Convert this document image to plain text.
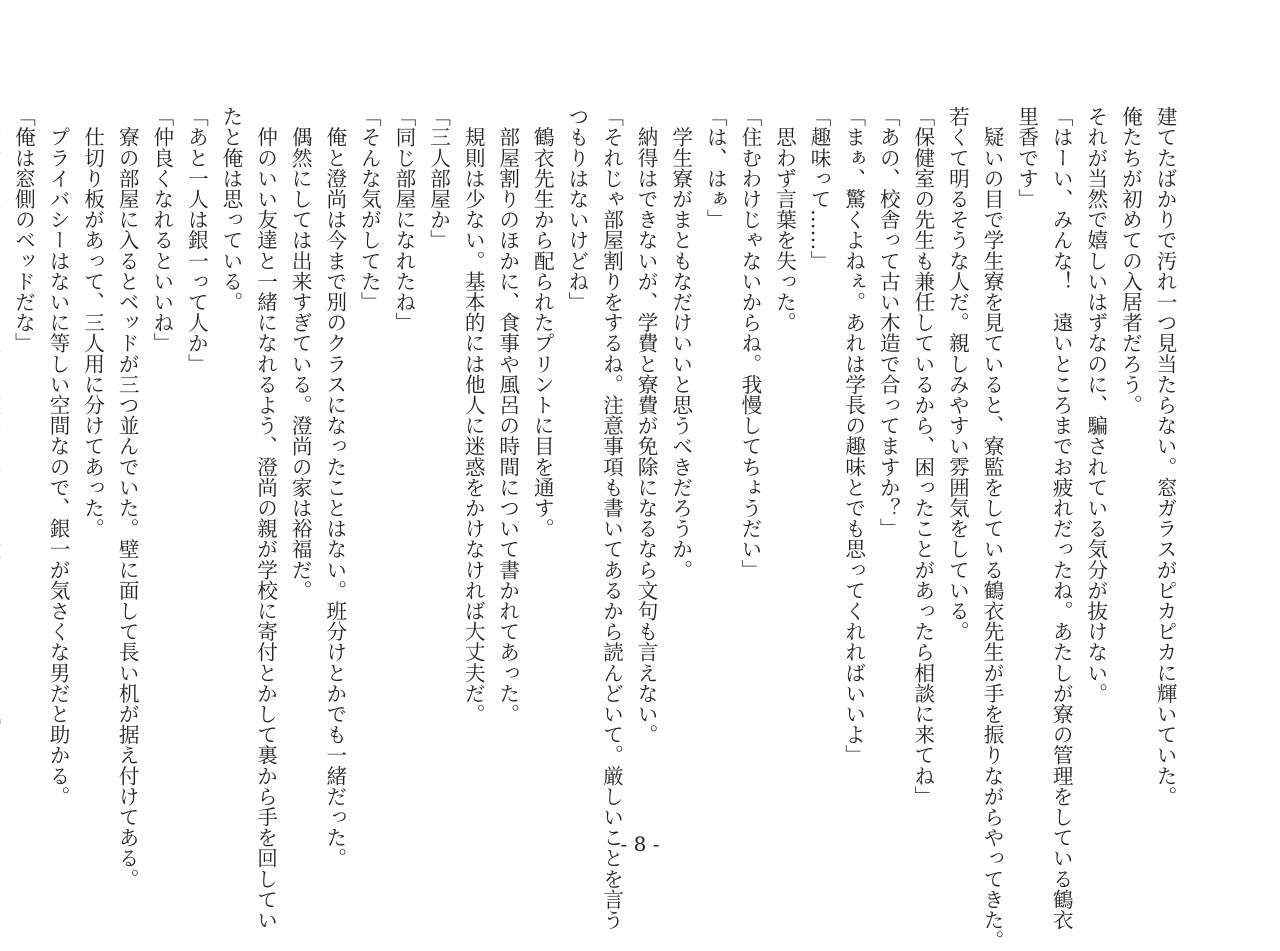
建てたばかりで汚れ一つ見当たらない。窓ガラスがピカピカに輝いていた。
俺たちが初めての入居者だろう。
それが当然で嬉しいはずなのに、騙されている気分が抜けない。
「はーい、みんな！　遠いところまでお疲れだったね。あたしが寮の管理をしている鶴衣
里香です」
　疑いの目で学生寮を見ていると、寮監をしている鶴衣先生が手を振りながらやってきた。
若くて明るそうな人だ。親しみやすい雰囲気をしている。
「保健室の先生も兼任しているから、困ったことがあったら相談に来てね」
「あの、校舎って古い木造で合ってますか？」
「まぁ、驚くよねぇ。あれは学長の趣味とでも思ってくれればいいよ」
「趣味って……」
　思わず言葉を失った。
「住むわけじゃないからね。我慢してちょうだい」
「は、はぁ」
　学生寮がまともなだけいいと思うべきだろうか。
　納得はできないが、学費と寮費が免除になるなら文句も言えない。
「それじゃ部屋割りをするね。注意事項も書いてあるから読んどいて。厳しいことを言う
つもりはないけどね」
　鶴衣先生から配られたプリントに目を通す。
　部屋割りのほかに、食事や風呂の時間について書かれてあった。
　規則は少ない。基本的には他人に迷惑をかけなければ大丈夫だ。
「三人部屋か」
「同じ部屋になれたね」
「そんな気がしてた」
　俺と澄尚は今まで別のクラスになったことはない。班分けとかでも一緒だった。
　偶然にしては出来すぎている。澄尚の家は裕福だ。
　仲のいい友達と一緒になれるよう、澄尚の親が学校に寄付とかして裏から手を回してい
たと俺は思っている。
「あと一人は銀一って人か」
「仲良くなれるといいね」
　寮の部屋に入るとベッドが三つ並んでいた。壁に面して長い机が据え付けてある。
　仕切り板があって、三人用に分けてあった。
　プライバシーはないに等しい空間なので、銀一が気さくな男だと助かる。
「俺は窓側のベッドだな」
- 8 -
